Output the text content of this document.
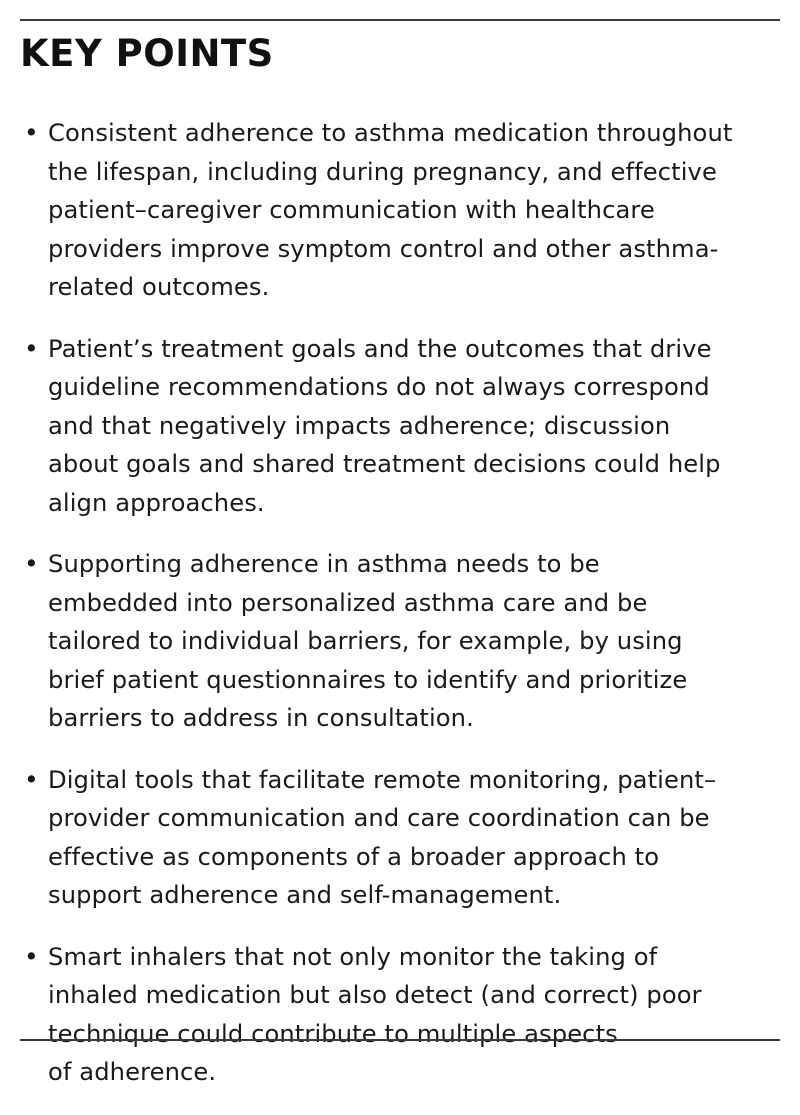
KEY POINTS
• Consistent adherence to asthma medication throughout
the lifespan, including during pregnancy, and effective
patient–caregiver communication with healthcare
providers improve symptom control and other asthma-
related outcomes.
• Patient’s treatment goals and the outcomes that drive
guideline recommendations do not always correspond
and that negatively impacts adherence; discussion
about goals and shared treatment decisions could help
align approaches.
• Supporting adherence in asthma needs to be
embedded into personalized asthma care and be
tailored to individual barriers, for example, by using
brief patient questionnaires to identify and prioritize
barriers to address in consultation.
• Digital tools that facilitate remote monitoring, patient–
provider communication and care coordination can be
effective as components of a broader approach to
support adherence and self-management.
• Smart inhalers that not only monitor the taking of
inhaled medication but also detect (and correct) poor
technique could contribute to multiple aspects
of adherence.
